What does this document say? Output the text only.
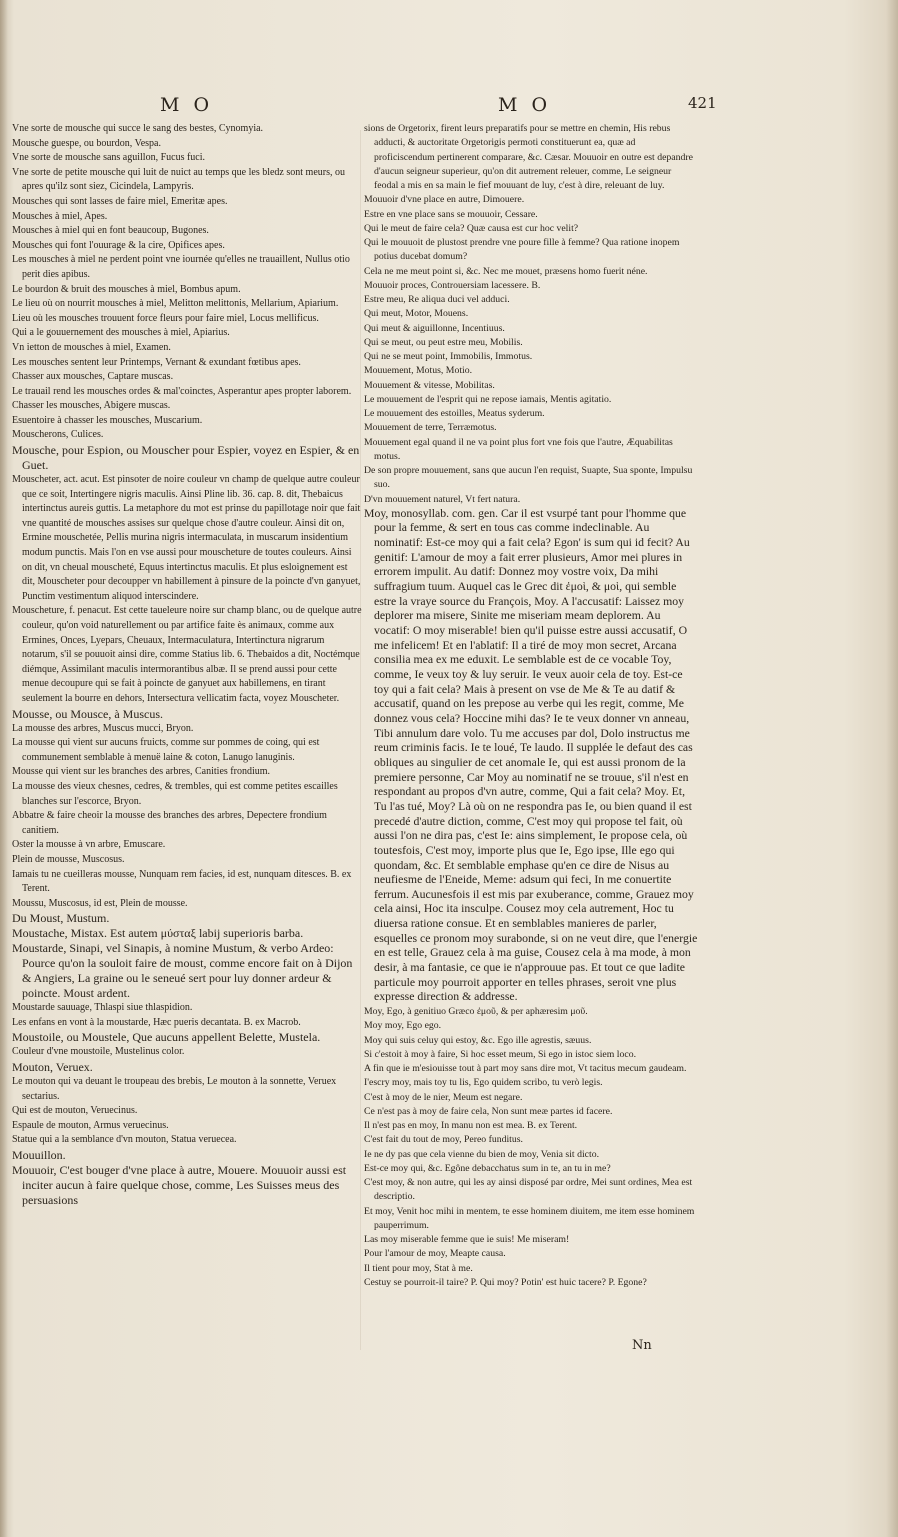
MO	MO	421

Vne sorte de mousche qui succe le sang des bestes, Cynomyia.

Mousche guespe, ou bourdon, Vespa.

Vne sorte de mousche sans aguillon, Fucus fuci.

Vne sorte de petite mousche qui luit de nuict au temps que les bledz sont meurs, ou apres qu'ilz sont siez, Cicindela, Lampyris.

Mousches qui sont lasses de faire miel, Emeritæ apes.

Mousches à miel, Apes.

Mousches à miel qui en font beaucoup, Bugones.

Mousches qui font l'ouurage & la cire, Opifices apes.

Les mousches à miel ne perdent point vne iournée qu'elles ne trauaillent, Nullus otio perit dies apibus.

Le bourdon & bruit des mousches à miel, Bombus apum.

Le lieu où on nourrit mousches à miel, Melitton melittonis, Mellarium, Apiarium.

Lieu où les mousches trouuent force fleurs pour faire miel, Locus mellificus.

Qui a le gouuernement des mousches à miel, Apiarius.

Vn ietton de mousches à miel, Examen.

Les mousches sentent leur Printemps, Vernant & exundant fœtibus apes.

Chasser aux mousches, Captare muscas.

Le trauail rend les mousches ordes & mal'coinctes, Asperantur apes propter laborem.

Chasser les mousches, Abigere muscas.

Esuentoire à chasser les mousches, Muscarium.

Mouscherons, Culices.

Mousche, pour Espion, ou Mouscher pour Espier, voyez en Espier, & en Guet.

Mouscheter, act. acut. Est pinsoter de noire couleur vn champ de quelque autre couleur que ce soit, Intertingere nigris maculis. Ainsi Pline lib. 36. cap. 8. dit, Thebaicus intertinctus aureis guttis. La metaphore du mot est prinse du papillotage noir que fait vne quantité de mousches assises sur quelque chose d'autre couleur. Ainsi dit on, Ermine mouschetée, Pellis murina nigris intermaculata, in muscarum insidentium modum punctis. Mais l'on en vse aussi pour mouscheture de toutes couleurs. Ainsi on dit, vn cheual mouscheté, Equus intertinctus maculis. Et plus esloignement est dit, Mouscheter pour decoupper vn habillement à pinsure de la poincte d'vn ganyuet, Punctim vestimentum aliquod interscindere.

Mouscheture, f. penacut. Est cette taueleure noire sur champ blanc, ou de quelque autre couleur, qu'on void naturellement ou par artifice faite ès animaux, comme aux Ermines, Onces, Lyepars, Cheuaux, Intermaculatura, Intertinctura nigrarum notarum, s'il se pouuoit ainsi dire, comme Statius lib. 6. Thebaidos a dit, Noctémque diémque, Assimilant maculis intermorantibus albæ. Il se prend aussi pour cette menue decoupure qui se fait à poincte de ganyuet aux habillemens, en tirant seulement la bourre en dehors, Intersectura vellicatim facta, voyez Mouscheter.

Mousse, ou Mousce, à Muscus.

La mousse des arbres, Muscus mucci, Bryon.

La mousse qui vient sur aucuns fruicts, comme sur pommes de coing, qui est communement semblable à menuë laine & coton, Lanugo lanuginis.

Mousse qui vient sur les branches des arbres, Canities frondium.

La mousse des vieux chesnes, cedres, & trembles, qui est comme petites escailles blanches sur l'escorce, Bryon.

Abbatre & faire cheoir la mousse des branches des arbres, Depectere frondium canitiem.

Oster la mousse à vn arbre, Emuscare.

Plein de mousse, Muscosus.

Iamais tu ne cueilleras mousse, Nunquam rem facies, id est, nunquam ditesces. B. ex Terent.

Moussu, Muscosus, id est, Plein de mousse.

Du Moust, Mustum.

Moustache, Mistax. Est autem μύσταξ labij superioris barba.

Moustarde, Sinapi, vel Sinapis, à nomine Mustum, & verbo Ardeo: Pource qu'on la souloit faire de moust, comme encore fait on à Dijon & Angiers, La graine ou le seneué sert pour luy donner ardeur & poincte. Moust ardent.

Moustarde sauuage, Thlaspi siue thlaspidion.

Les enfans en vont à la moustarde, Hæc pueris decantata. B. ex Macrob.

Moustoile, ou Moustele, Que aucuns appellent Belette, Mustela.

Couleur d'vne moustoile, Mustelinus color.

Mouton, Veruex.

Le mouton qui va deuant le troupeau des brebis, Le mouton à la sonnette, Veruex sectarius.

Qui est de mouton, Veruecinus.

Espaule de mouton, Armus veruecinus.

Statue qui a la semblance d'vn mouton, Statua veruecea.

Mouuillon.

Mouuoir, C'est bouger d'vne place à autre, Mouere. Mouuoir aussi est inciter aucun à faire quelque chose, comme, Les Suisses meus des persuasions

sions de Orgetorix, firent leurs preparatifs pour se mettre en chemin, His rebus adducti, & auctoritate Orgetorigis permoti constituerunt ea, quæ ad proficiscendum pertinerent comparare, &c. Cæsar. Mouuoir en outre est depandre d'aucun seigneur superieur, qu'on dit autrement releuer, comme, Le seigneur feodal a mis en sa main le fief mouuant de luy, c'est à dire, releuant de luy.

Mouuoir d'vne place en autre, Dimouere.

Estre en vne place sans se mouuoir, Cessare.

Qui le meut de faire cela? Quæ causa est cur hoc velit?

Qui le mouuoit de plustost prendre vne poure fille à femme? Qua ratione inopem potius ducebat domum?

Cela ne me meut point si, &c. Nec me mouet, præsens homo fuerit néne.

Mouuoir proces, Controuersiam lacessere. B.

Estre meu, Re aliqua duci vel adduci.

Qui meut, Motor, Mouens.

Qui meut & aiguillonne, Incentiuus.

Qui se meut, ou peut estre meu, Mobilis.

Qui ne se meut point, Immobilis, Immotus.

Mouuement, Motus, Motio.

Mouuement & vitesse, Mobilitas.

Le mouuement de l'esprit qui ne repose iamais, Mentis agitatio.

Le mouuement des estoilles, Meatus syderum.

Mouuement de terre, Terræmotus.

Mouuement egal quand il ne va point plus fort vne fois que l'autre, Æquabilitas motus.

De son propre mouuement, sans que aucun l'en requist, Suapte, Sua sponte, Impulsu suo.

D'vn mouuement naturel, Vt fert natura.

Moy, monosyllab. com. gen. Car il est vsurpé tant pour l'homme que pour la femme, & sert en tous cas comme indeclinable. Au nominatif: Est-ce moy qui a fait cela? Egon' is sum qui id fecit? Au genitif: L'amour de moy a fait errer plusieurs, Amor mei plures in errorem impulit. Au datif: Donnez moy vostre voix, Da mihi suffragium tuum. Auquel cas le Grec dit ἐμοὶ, & μοὶ, qui semble estre la vraye source du François, Moy. A l'accusatif: Laissez moy deplorer ma misere, Sinite me miseriam meam deplorem. Au vocatif: O moy miserable! bien qu'il puisse estre aussi accusatif, O me infelicem! Et en l'ablatif: Il a tiré de moy mon secret, Arcana consilia mea ex me eduxit. Le semblable est de ce vocable Toy, comme, Ie veux toy & luy seruir. Ie veux auoir cela de toy. Est-ce toy qui a fait cela? Mais à present on vse de Me & Te au datif & accusatif, quand on les prepose au verbe qui les regit, comme, Me donnez vous cela? Hoccine mihi das? Ie te veux donner vn anneau, Tibi annulum dare volo. Tu me accuses par dol, Dolo instructus me reum criminis facis. Ie te loué, Te laudo. Il supplée le defaut des cas obliques au singulier de cet anomale Ie, qui est aussi pronom de la premiere personne, Car Moy au nominatif ne se trouue, s'il n'est en respondant au propos d'vn autre, comme, Qui a fait cela? Moy. Et, Tu l'as tué, Moy? Là où on ne respondra pas Ie, ou bien quand il est precedé d'autre diction, comme, C'est moy qui propose tel fait, où aussi l'on ne dira pas, c'est Ie: ains simplement, Ie propose cela, où toutesfois, C'est moy, importe plus que Ie, Ego ipse, Ille ego qui quondam, &c. Et semblable emphase qu'en ce dire de Nisus au neufiesme de l'Eneide, Meme: adsum qui feci, In me conuertite ferrum. Aucunesfois il est mis par exuberance, comme, Grauez moy cela ainsi, Hoc ita insculpe. Cousez moy cela autrement, Hoc tu diuersa ratione consue. Et en semblables manieres de parler, esquelles ce pronom moy surabonde, si on ne veut dire, que l'energie en est telle, Grauez cela à ma guise, Cousez cela à ma mode, à mon desir, à ma fantasie, ce que ie n'approuue pas. Et tout ce que ladite particule moy pourroit apporter en telles phrases, seroit vne plus expresse direction & addresse.

Moy, Ego, à genitiuo Græco ἐμοῦ, & per aphæresim μοῦ.

Moy moy, Ego ego.

Moy qui suis celuy qui estoy, &c. Ego ille agrestis, sæuus.

Si c'estoit à moy à faire, Si hoc esset meum, Si ego in istoc siem loco.

A fin que ie m'esiouisse tout à part moy sans dire mot, Vt tacitus mecum gaudeam.

I'escry moy, mais toy tu lis, Ego quidem scribo, tu verò legis.

C'est à moy de le nier, Meum est negare.

Ce n'est pas à moy de faire cela, Non sunt meæ partes id facere.

Il n'est pas en moy, In manu non est mea. B. ex Terent.

C'est fait du tout de moy, Pereo funditus.

Ie ne dy pas que cela vienne du bien de moy, Venia sit dicto.

Est-ce moy qui, &c. Egône debacchatus sum in te, an tu in me?

C'est moy, & non autre, qui les ay ainsi disposé par ordre, Mei sunt ordines, Mea est descriptio.

Et moy, Venit hoc mihi in mentem, te esse hominem diuitem, me item esse hominem pauperrimum.

Las moy miserable femme que ie suis! Me miseram!

Pour l'amour de moy, Meapte causa.

Il tient pour moy, Stat à me.

Cestuy se pourroit-il taire? P. Qui moy? Potin' est huic tacere? P. Egone?

Nn
